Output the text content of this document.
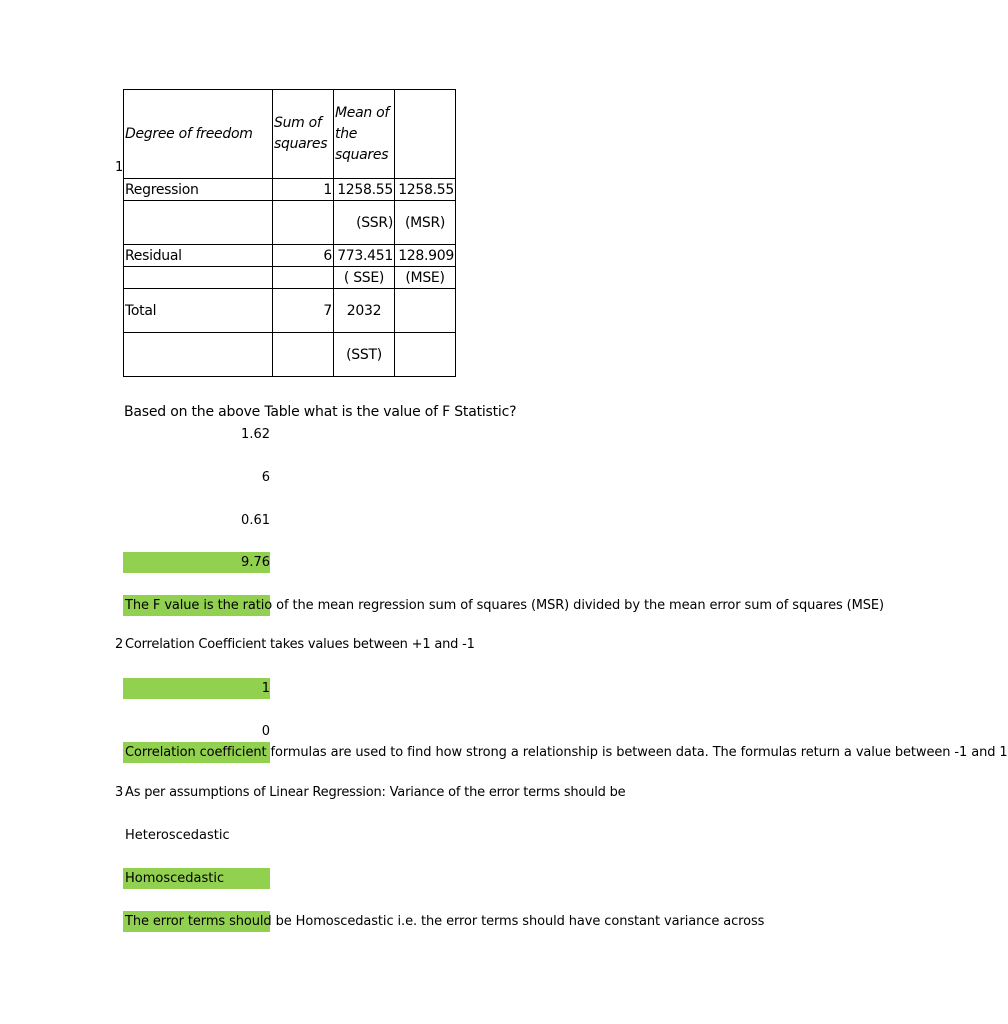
1
Degree of freedom	Sum of squares	Mean of the squares	
Regression	1	1258.55	1258.55
		(SSR)	(MSR)
Residual	6	773.451	128.909
		( SSE)	(MSE)
Total	7	2032	
		(SST)	
Based on the above Table what is the value of F Statistic?
1.62
6
0.61
9.76
The F value is the ratio of the mean regression sum of squares (MSR) divided by the mean error sum of squares (MSE)
2 Correlation Coefficient takes values between +1 and -1
1
0
Correlation coefficient formulas are used to find how strong a relationship is between data. The formulas return a value between -1 and 1
3 As per assumptions of Linear Regression: Variance of the error terms should be
Heteroscedastic
Homoscedastic
The error terms should be Homoscedastic i.e. the error terms should have constant variance across
